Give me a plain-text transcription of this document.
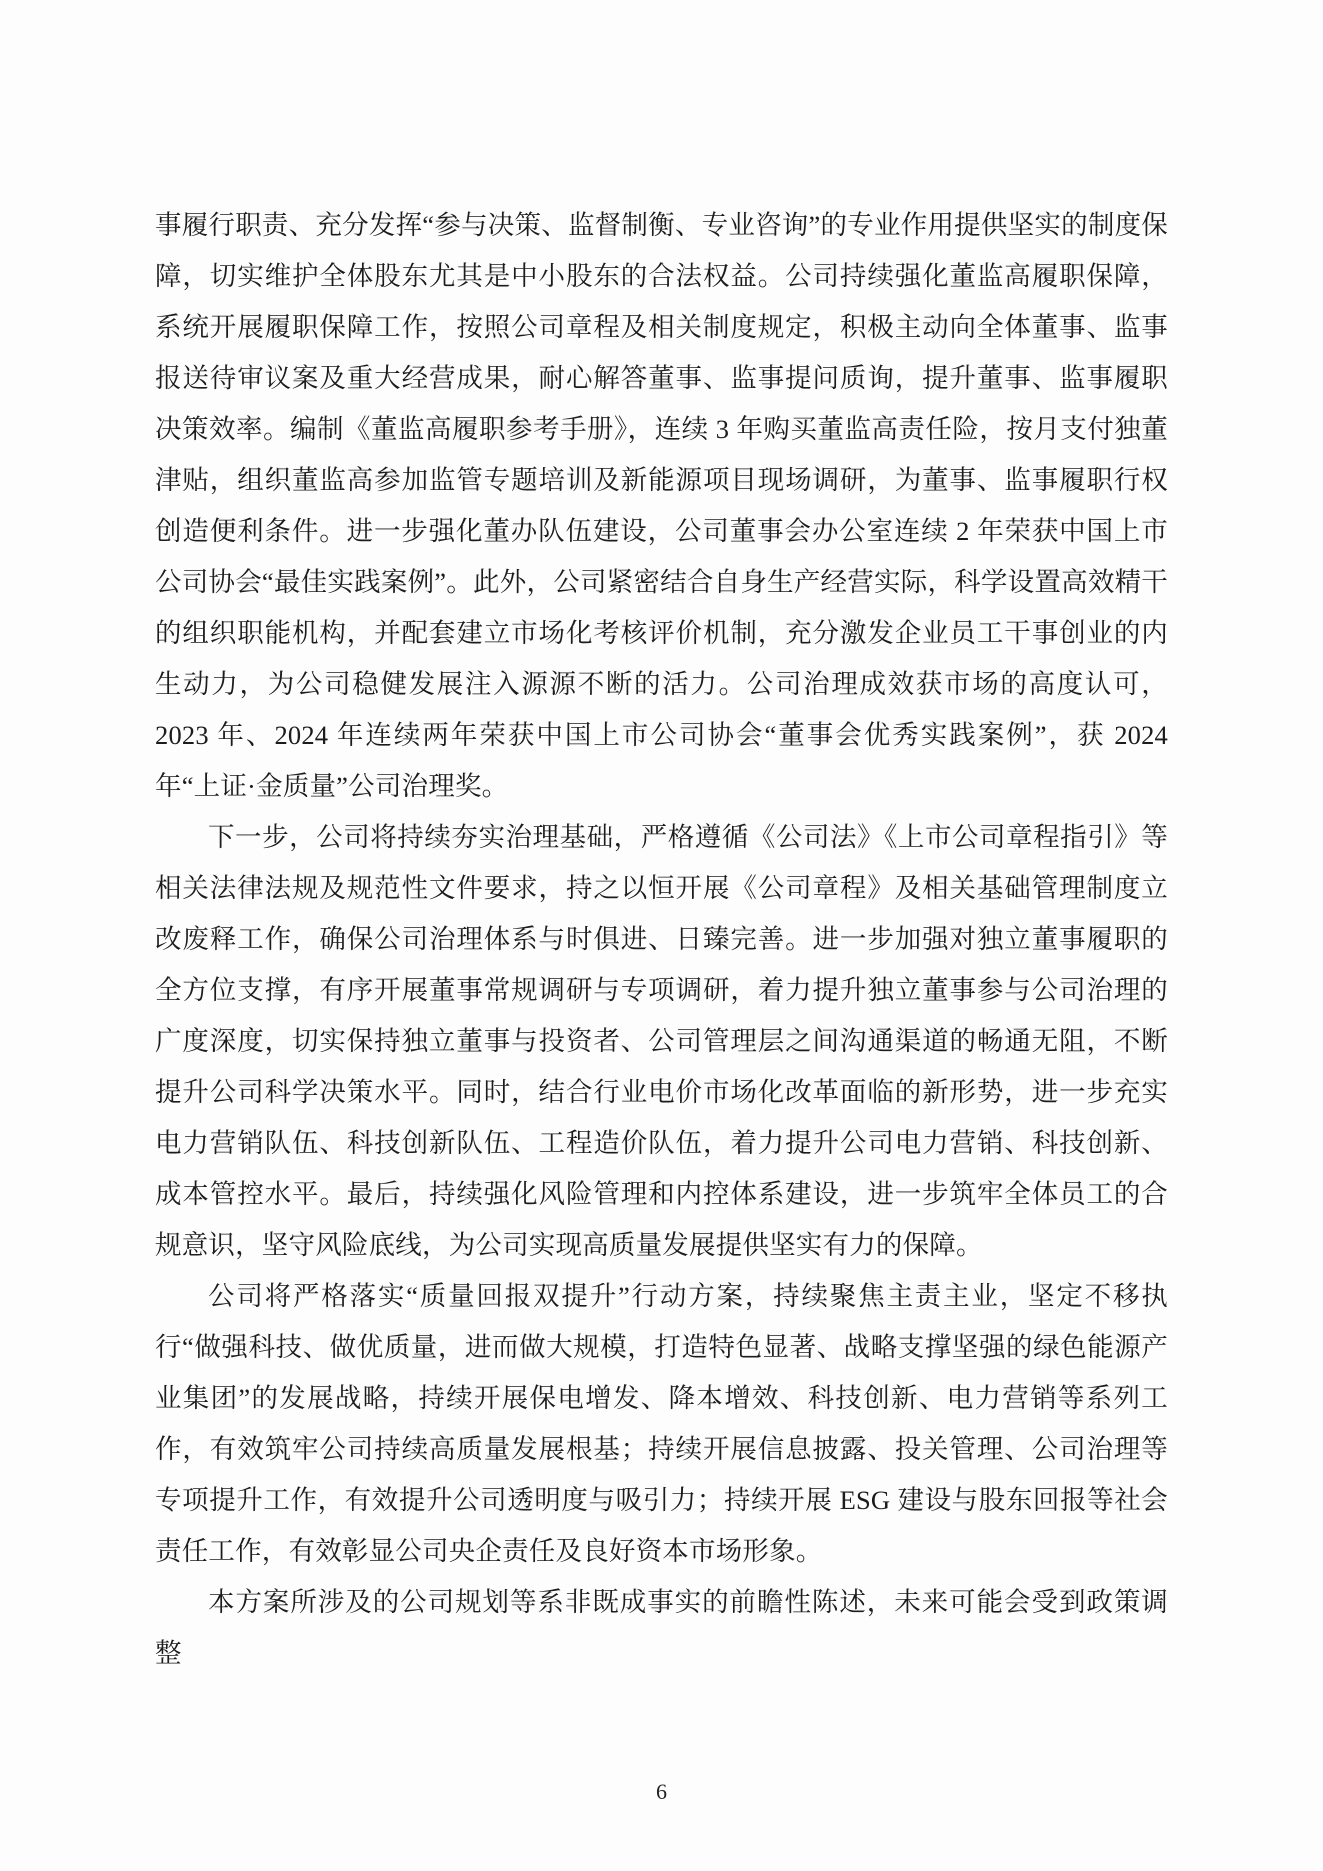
事履行职责、充分发挥“参与决策、监督制衡、专业咨询”的专业作用提供坚实的制度保障，切实维护全体股东尤其是中小股东的合法权益。公司持续强化董监高履职保障，系统开展履职保障工作，按照公司章程及相关制度规定，积极主动向全体董事、监事报送待审议案及重大经营成果，耐心解答董事、监事提问质询，提升董事、监事履职决策效率。编制《董监高履职参考手册》，连续 3 年购买董监高责任险，按月支付独董津贴，组织董监高参加监管专题培训及新能源项目现场调研，为董事、监事履职行权创造便利条件。进一步强化董办队伍建设，公司董事会办公室连续 2 年荣获中国上市公司协会“最佳实践案例”。此外，公司紧密结合自身生产经营实际，科学设置高效精干的组织职能机构，并配套建立市场化考核评价机制，充分激发企业员工干事创业的内生动力，为公司稳健发展注入源源不断的活力。公司治理成效获市场的高度认可，2023 年、2024 年连续两年荣获中国上市公司协会“董事会优秀实践案例”，获 2024 年“上证·金质量”公司治理奖。

下一步，公司将持续夯实治理基础，严格遵循《公司法》《上市公司章程指引》等相关法律法规及规范性文件要求，持之以恒开展《公司章程》及相关基础管理制度立改废释工作，确保公司治理体系与时俱进、日臻完善。进一步加强对独立董事履职的全方位支撑，有序开展董事常规调研与专项调研，着力提升独立董事参与公司治理的广度深度，切实保持独立董事与投资者、公司管理层之间沟通渠道的畅通无阻，不断提升公司科学决策水平。同时，结合行业电价市场化改革面临的新形势，进一步充实电力营销队伍、科技创新队伍、工程造价队伍，着力提升公司电力营销、科技创新、成本管控水平。最后，持续强化风险管理和内控体系建设，进一步筑牢全体员工的合规意识，坚守风险底线，为公司实现高质量发展提供坚实有力的保障。

公司将严格落实“质量回报双提升”行动方案，持续聚焦主责主业，坚定不移执行“做强科技、做优质量，进而做大规模，打造特色显著、战略支撑坚强的绿色能源产业集团”的发展战略，持续开展保电增发、降本增效、科技创新、电力营销等系列工作，有效筑牢公司持续高质量发展根基；持续开展信息披露、投关管理、公司治理等专项提升工作，有效提升公司透明度与吸引力；持续开展 ESG 建设与股东回报等社会责任工作，有效彰显公司央企责任及良好资本市场形象。

本方案所涉及的公司规划等系非既成事实的前瞻性陈述，未来可能会受到政策调整

6
